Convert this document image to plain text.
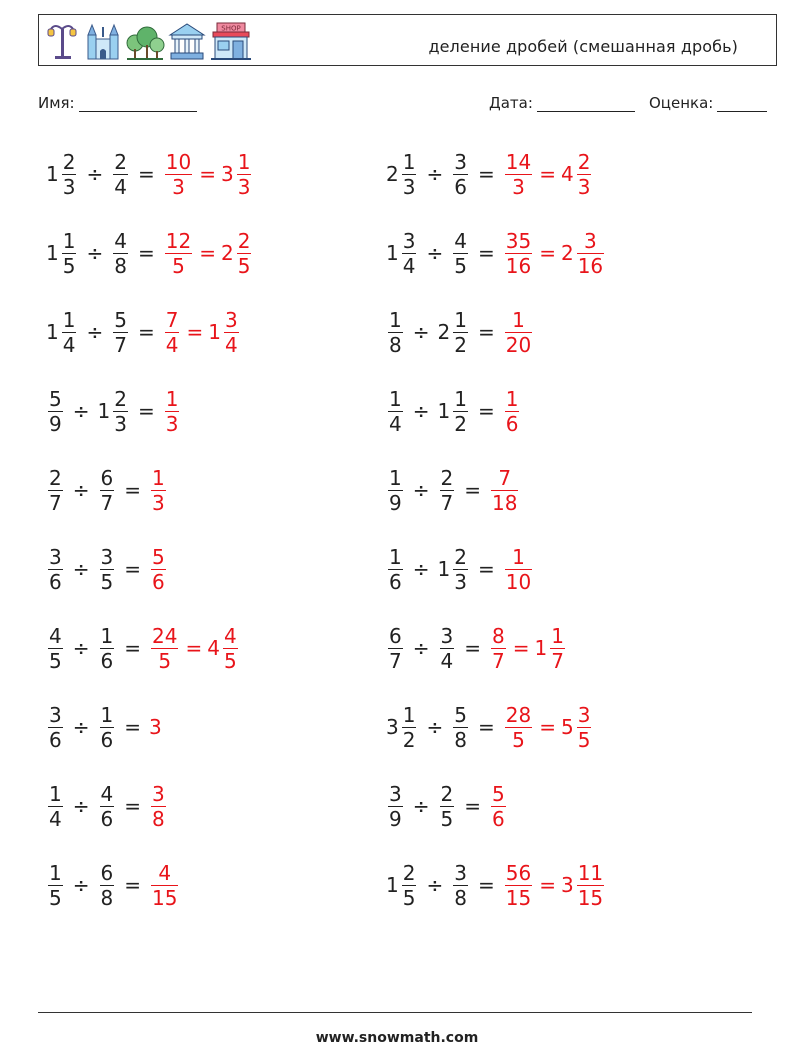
SHOP
деление дробей (смешанная дробь)
Имя:	Дата:	Оценка:
$1 \frac{2}{3} \div \frac{2}{4} = \frac{10}{3} = 3 \frac{1}{3}$	$2 \frac{1}{3} \div \frac{3}{6} = \frac{14}{3} = 4 \frac{2}{3}$
$1 \frac{1}{5} \div \frac{4}{8} = \frac{12}{5} = 2 \frac{2}{5}$	$1 \frac{3}{4} \div \frac{4}{5} = \frac{35}{16} = 2 \frac{3}{16}$
$1 \frac{1}{4} \div \frac{5}{7} = \frac{7}{4} = 1 \frac{3}{4}$	$\frac{1}{8} \div 2 \frac{1}{2} = \frac{1}{20}$
$\frac{5}{9} \div 1 \frac{2}{3} = \frac{1}{3}$	$\frac{1}{4} \div 1 \frac{1}{2} = \frac{1}{6}$
$\frac{2}{7} \div \frac{6}{7} = \frac{1}{3}$	$\frac{1}{9} \div \frac{2}{7} = \frac{7}{18}$
$\frac{3}{6} \div \frac{3}{5} = \frac{5}{6}$	$\frac{1}{6} \div 1 \frac{2}{3} = \frac{1}{10}$
$\frac{4}{5} \div \frac{1}{6} = \frac{24}{5} = 4 \frac{4}{5}$	$\frac{6}{7} \div \frac{3}{4} = \frac{8}{7} = 1 \frac{1}{7}$
$\frac{3}{6} \div \frac{1}{6} = 3$	$3 \frac{1}{2} \div \frac{5}{8} = \frac{28}{5} = 5 \frac{3}{5}$
$\frac{1}{4} \div \frac{4}{6} = \frac{3}{8}$	$\frac{3}{9} \div \frac{2}{5} = \frac{5}{6}$
$\frac{1}{5} \div \frac{6}{8} = \frac{4}{15}$	$1 \frac{2}{5} \div \frac{3}{8} = \frac{56}{15} = 3 \frac{11}{15}$
www.snowmath.com
